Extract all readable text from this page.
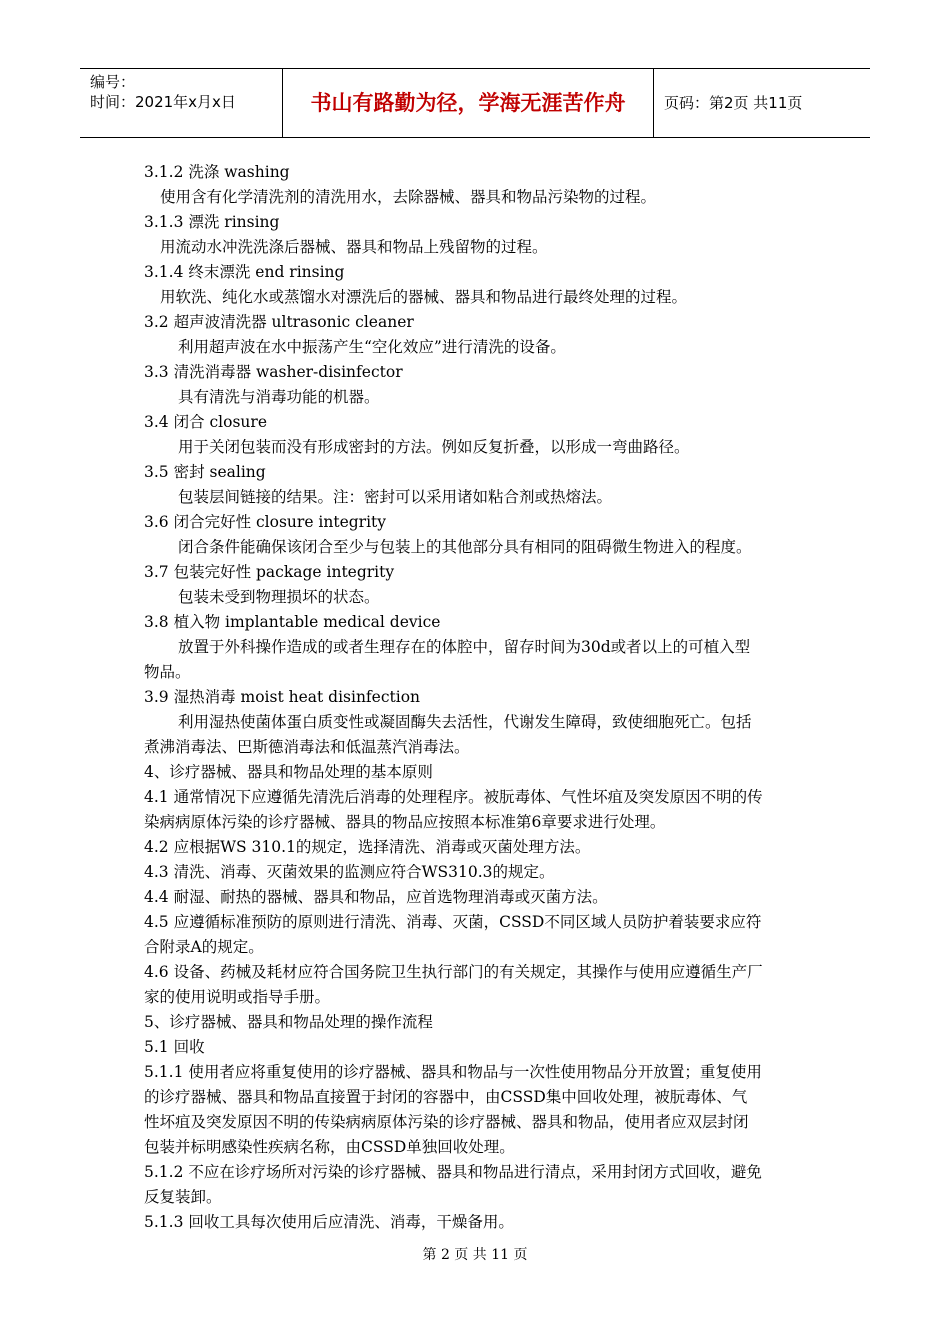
编号：
时间：2021年x月x日	书山有路勤为径，学海无涯苦作舟	页码：第2页 共11页
3.1.2 洗涤 washing
使用含有化学清洗剂的清洗用水，去除器械、器具和物品污染物的过程。
3.1.3 漂洗 rinsing
用流动水冲洗洗涤后器械、器具和物品上残留物的过程。
3.1.4 终末漂洗 end rinsing
用软洗、纯化水或蒸馏水对漂洗后的器械、器具和物品进行最终处理的过程。
3.2 超声波清洗器 ultrasonic cleaner
利用超声波在水中振荡产生“空化效应”进行清洗的设备。
3.3 清洗消毒器 washer-disinfector
具有清洗与消毒功能的机器。
3.4 闭合 closure
用于关闭包装而没有形成密封的方法。例如反复折叠，以形成一弯曲路径。
3.5 密封 sealing
包装层间链接的结果。注：密封可以采用诸如粘合剂或热熔法。
3.6 闭合完好性 closure integrity
闭合条件能确保该闭合至少与包装上的其他部分具有相同的阻碍微生物进入的程度。
3.7 包装完好性 package integrity
包装未受到物理损坏的状态。
3.8 植入物 implantable medical device
放置于外科操作造成的或者生理存在的体腔中，留存时间为30d或者以上的可植入型
物品。
3.9 湿热消毒 moist heat disinfection
利用湿热使菌体蛋白质变性或凝固酶失去活性，代谢发生障碍，致使细胞死亡。包括
煮沸消毒法、巴斯德消毒法和低温蒸汽消毒法。
4、诊疗器械、器具和物品处理的基本原则
4.1 通常情况下应遵循先清洗后消毒的处理程序。被朊毒体、气性坏疽及突发原因不明的传
染病病原体污染的诊疗器械、器具的物品应按照本标准第6章要求进行处理。
4.2 应根据WS 310.1的规定，选择清洗、消毒或灭菌处理方法。
4.3 清洗、消毒、灭菌效果的监测应符合WS310.3的规定。
4.4 耐湿、耐热的器械、器具和物品，应首选物理消毒或灭菌方法。
4.5 应遵循标准预防的原则进行清洗、消毒、灭菌，CSSD不同区域人员防护着装要求应符
合附录A的规定。
4.6 设备、药械及耗材应符合国务院卫生执行部门的有关规定，其操作与使用应遵循生产厂
家的使用说明或指导手册。
5、诊疗器械、器具和物品处理的操作流程
5.1 回收
5.1.1 使用者应将重复使用的诊疗器械、器具和物品与一次性使用物品分开放置；重复使用
的诊疗器械、器具和物品直接置于封闭的容器中，由CSSD集中回收处理，被朊毒体、气
性坏疽及突发原因不明的传染病病原体污染的诊疗器械、器具和物品，使用者应双层封闭
包装并标明感染性疾病名称，由CSSD单独回收处理。
5.1.2 不应在诊疗场所对污染的诊疗器械、器具和物品进行清点，采用封闭方式回收，避免
反复装卸。
5.1.3 回收工具每次使用后应清洗、消毒，干燥备用。
第 2 页 共 11 页
